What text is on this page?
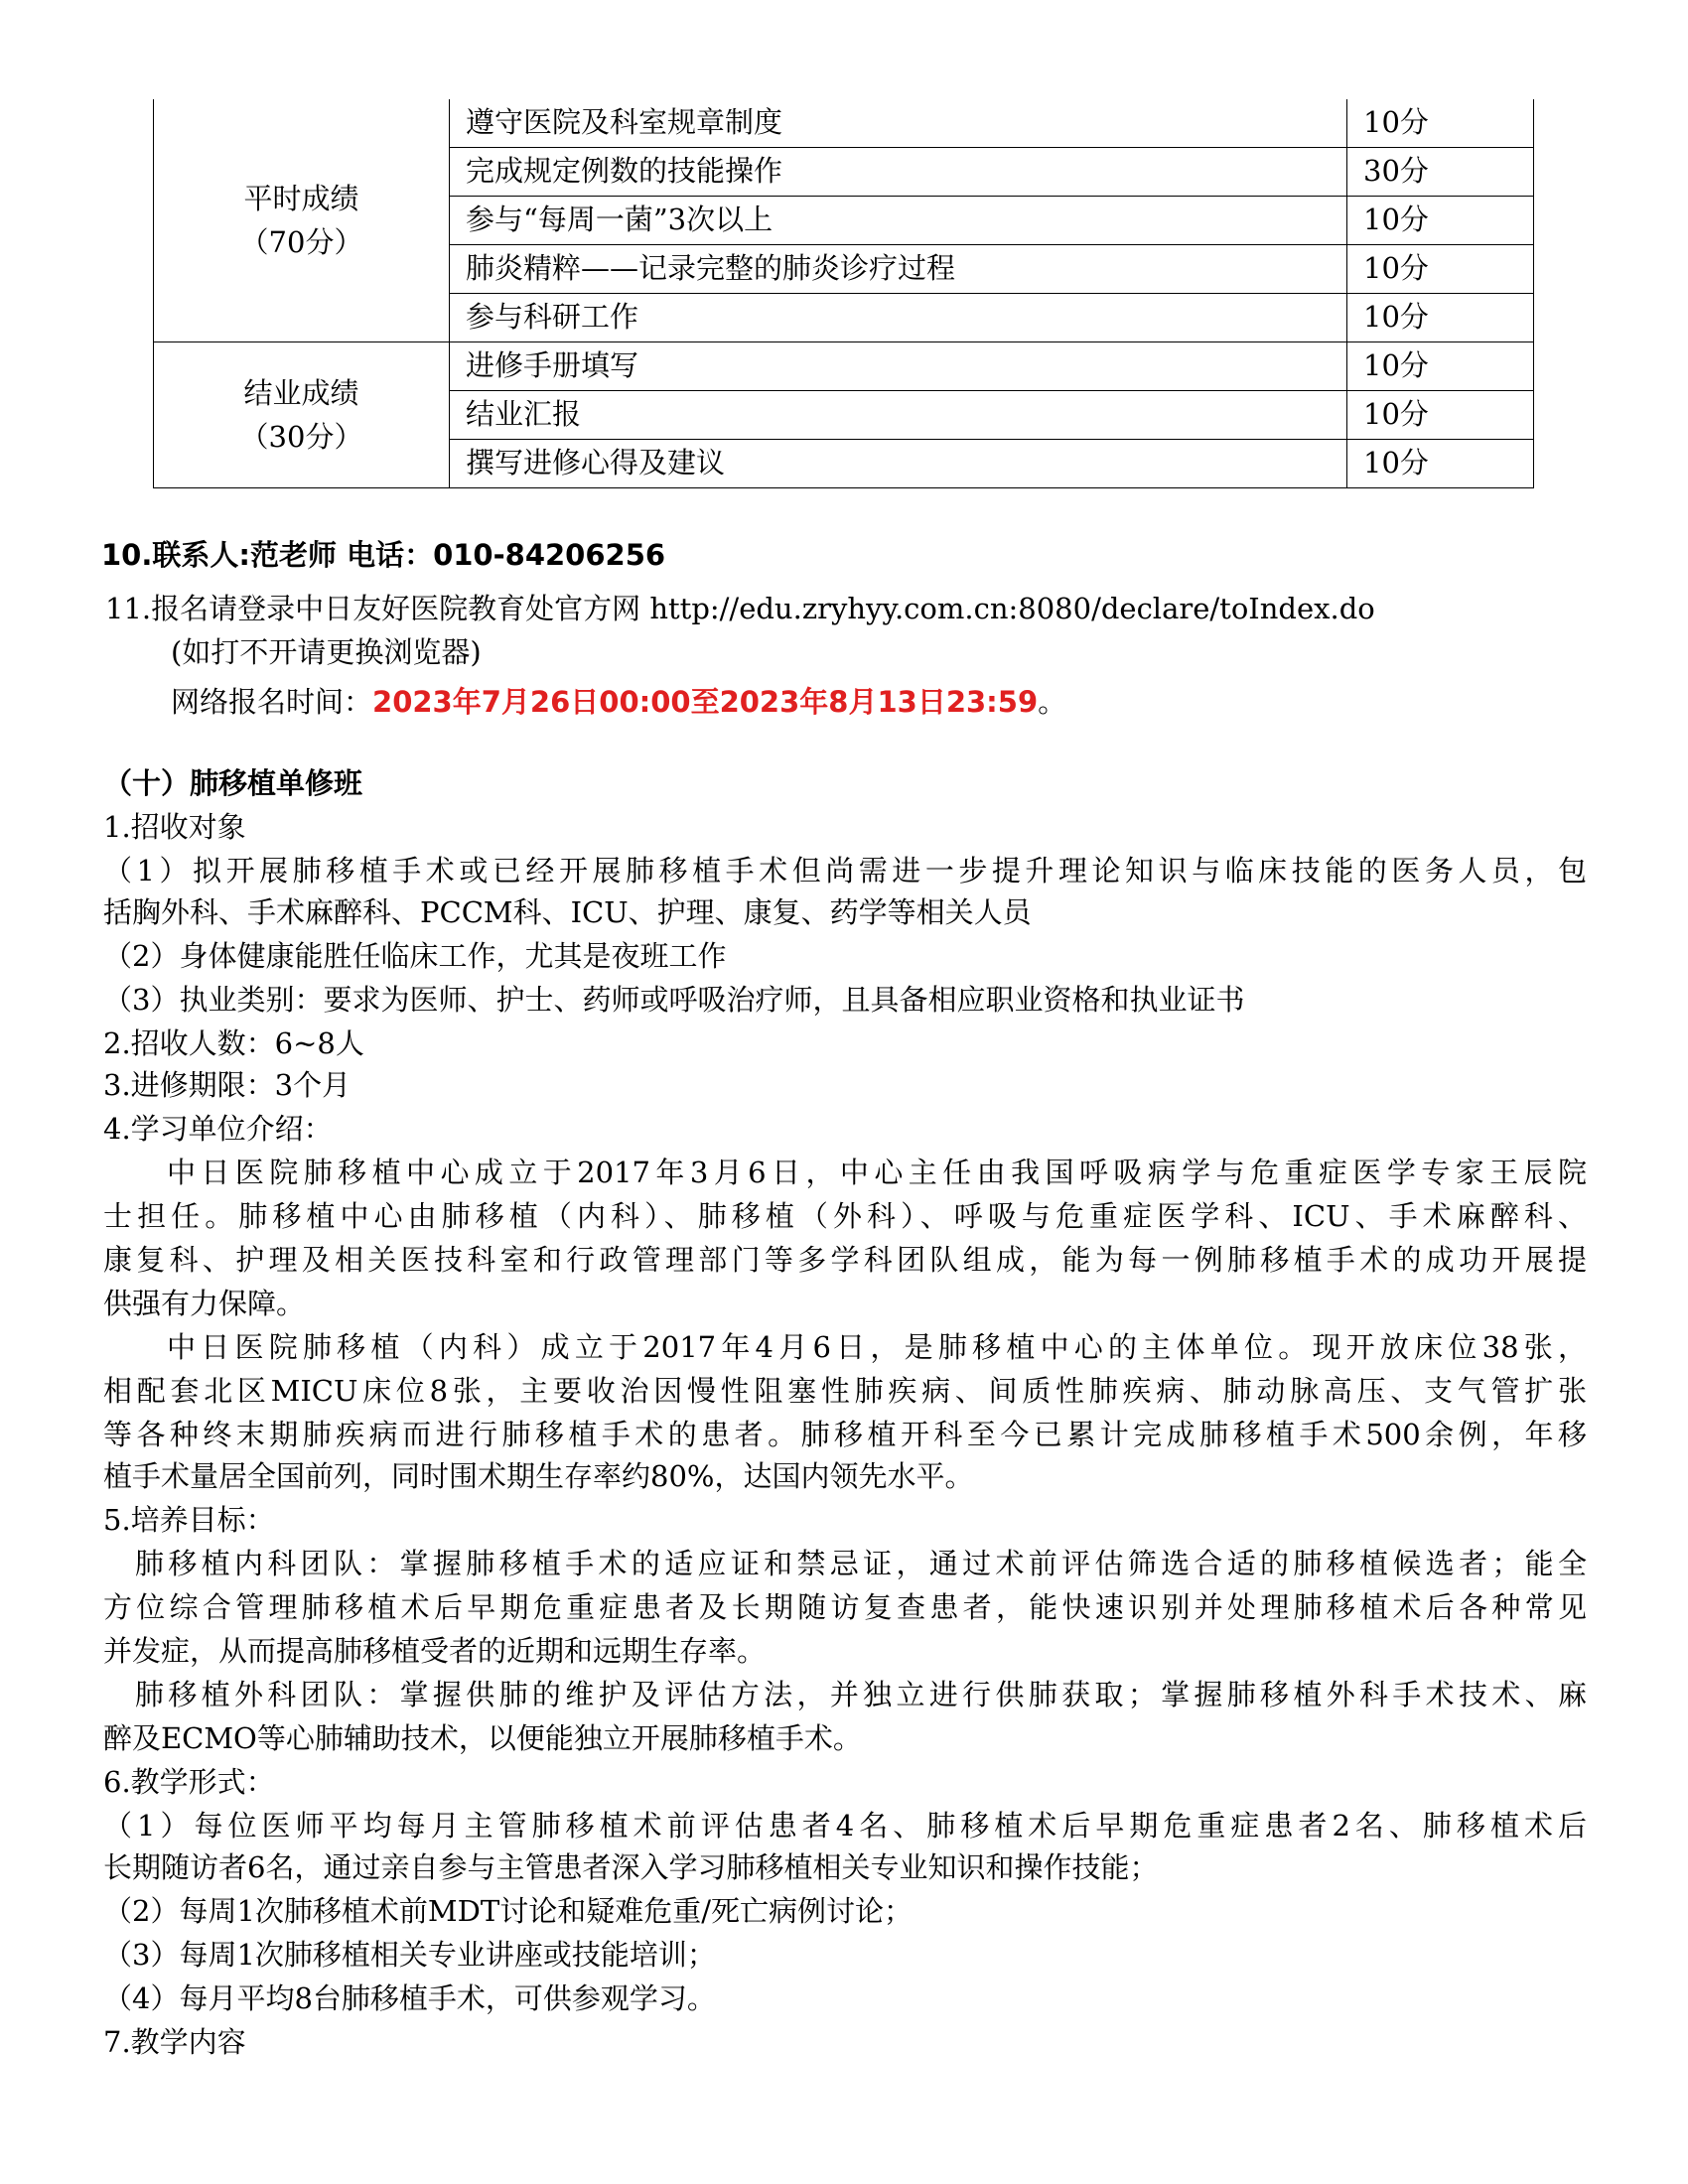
平时成绩
（70分）	遵守医院及科室规章制度	10分
	完成规定例数的技能操作	30分
	参与“每周一菌”3次以上	10分
	肺炎精粹——记录完整的肺炎诊疗过程	10分
	参与科研工作	10分

结业成绩
（30分）	进修手册填写	10分
	结业汇报	10分
	撰写进修心得及建议	10分
10.联系人:范老师 电话：010-84206256
11.报名请登录中日友好医院教育处官方网 http://edu.zryhyy.com.cn:8080/declare/toIndex.do
(如打不开请更换浏览器)
网络报名时间：2023年7月26日00:00至2023年8月13日23:59。
（十）肺移植单修班
1.招收对象
（1）拟开展肺移植手术或已经开展肺移植手术但尚需进一步提升理论知识与临床技能的医务人员，包
括胸外科、手术麻醉科、PCCM科、ICU、护理、康复、药学等相关人员
（2）身体健康能胜任临床工作，尤其是夜班工作
（3）执业类别：要求为医师、护士、药师或呼吸治疗师，且具备相应职业资格和执业证书
2.招收人数：6~8人
3.进修期限：3个月
4.学习单位介绍：
中日医院肺移植中心成立于2017年3月6日，中心主任由我国呼吸病学与危重症医学专家王辰院
士担任。肺移植中心由肺移植（内科）、肺移植（外科）、呼吸与危重症医学科、ICU、手术麻醉科、
康复科、护理及相关医技科室和行政管理部门等多学科团队组成，能为每一例肺移植手术的成功开展提
供强有力保障。
中日医院肺移植（内科）成立于2017年4月6日，是肺移植中心的主体单位。现开放床位38张，
相配套北区MICU床位8张，主要收治因慢性阻塞性肺疾病、间质性肺疾病、肺动脉高压、支气管扩张
等各种终末期肺疾病而进行肺移植手术的患者。肺移植开科至今已累计完成肺移植手术500余例，年移
植手术量居全国前列，同时围术期生存率约80%，达国内领先水平。
5.培养目标：
肺移植内科团队：掌握肺移植手术的适应证和禁忌证，通过术前评估筛选合适的肺移植候选者；能全
方位综合管理肺移植术后早期危重症患者及长期随访复查患者，能快速识别并处理肺移植术后各种常见
并发症，从而提高肺移植受者的近期和远期生存率。
肺移植外科团队：掌握供肺的维护及评估方法，并独立进行供肺获取；掌握肺移植外科手术技术、麻
醉及ECMO等心肺辅助技术，以便能独立开展肺移植手术。
6.教学形式：
（1）每位医师平均每月主管肺移植术前评估患者4名、肺移植术后早期危重症患者2名、肺移植术后
长期随访者6名，通过亲自参与主管患者深入学习肺移植相关专业知识和操作技能；
（2）每周1次肺移植术前MDT讨论和疑难危重/死亡病例讨论；
（3）每周1次肺移植相关专业讲座或技能培训；
（4）每月平均8台肺移植手术，可供参观学习。
7.教学内容
